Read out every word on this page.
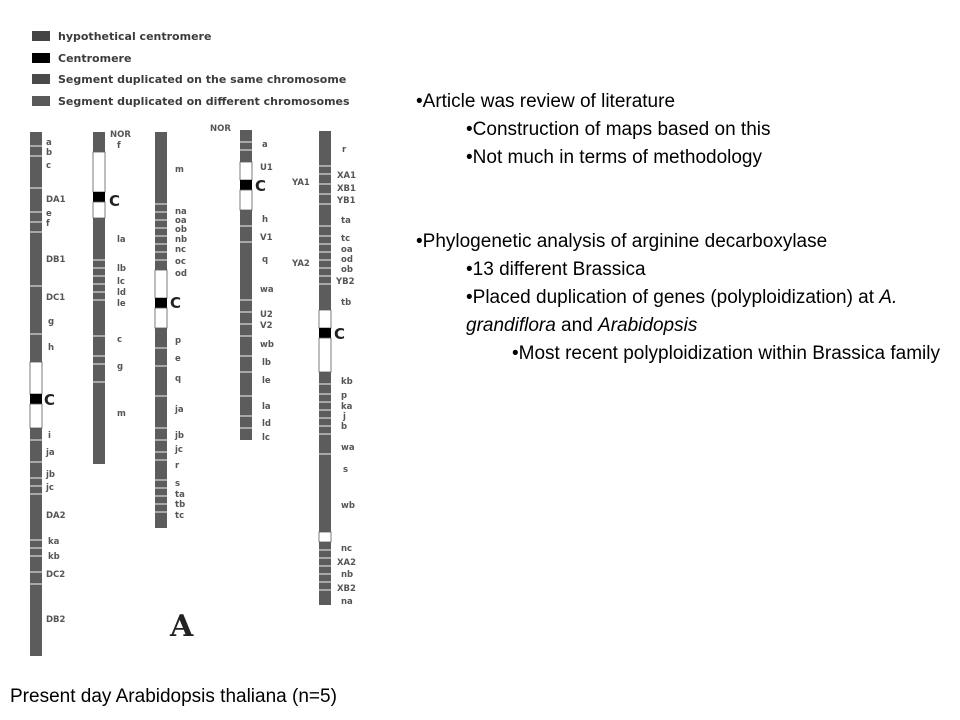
hypothetical centromere
Centromere
Segment duplicated on the same chromosome
Segment duplicated on different chromosomes
a
b
c
DA1
e
f
DB1
DC1
g
h
C
i
ja
jb
jc
DA2
ka
kb
DC2
DB2
NOR
f
C
la
lb
lc
ld
le
c
g
m
m
na
oa
ob
nb
nc
oc
od
C
p
e
q
ja
jb
jc
r
s
ta
tb
tc
NOR
a
U1
C
h
V1
q
wa
U2
V2
wb
lb
le
la
ld
lc
YA1
YA2
r
XA1
XB1
YB1
ta
tc
oa
od
ob
YB2
tb
C
kb
p
ka
j
b
wa
s
wb
nc
XA2
nb
XB2
na
A
•Article was review of literature
•Construction of maps based on this
•Not much in terms of methodology
•Phylogenetic analysis of arginine decarboxylase
•13 different Brassica
•Placed duplication of genes (polyploidization) at A. grandiflora and Arabidopsis
•Most recent polyploidization within Brassica family
Present day Arabidopsis thaliana (n=5)
